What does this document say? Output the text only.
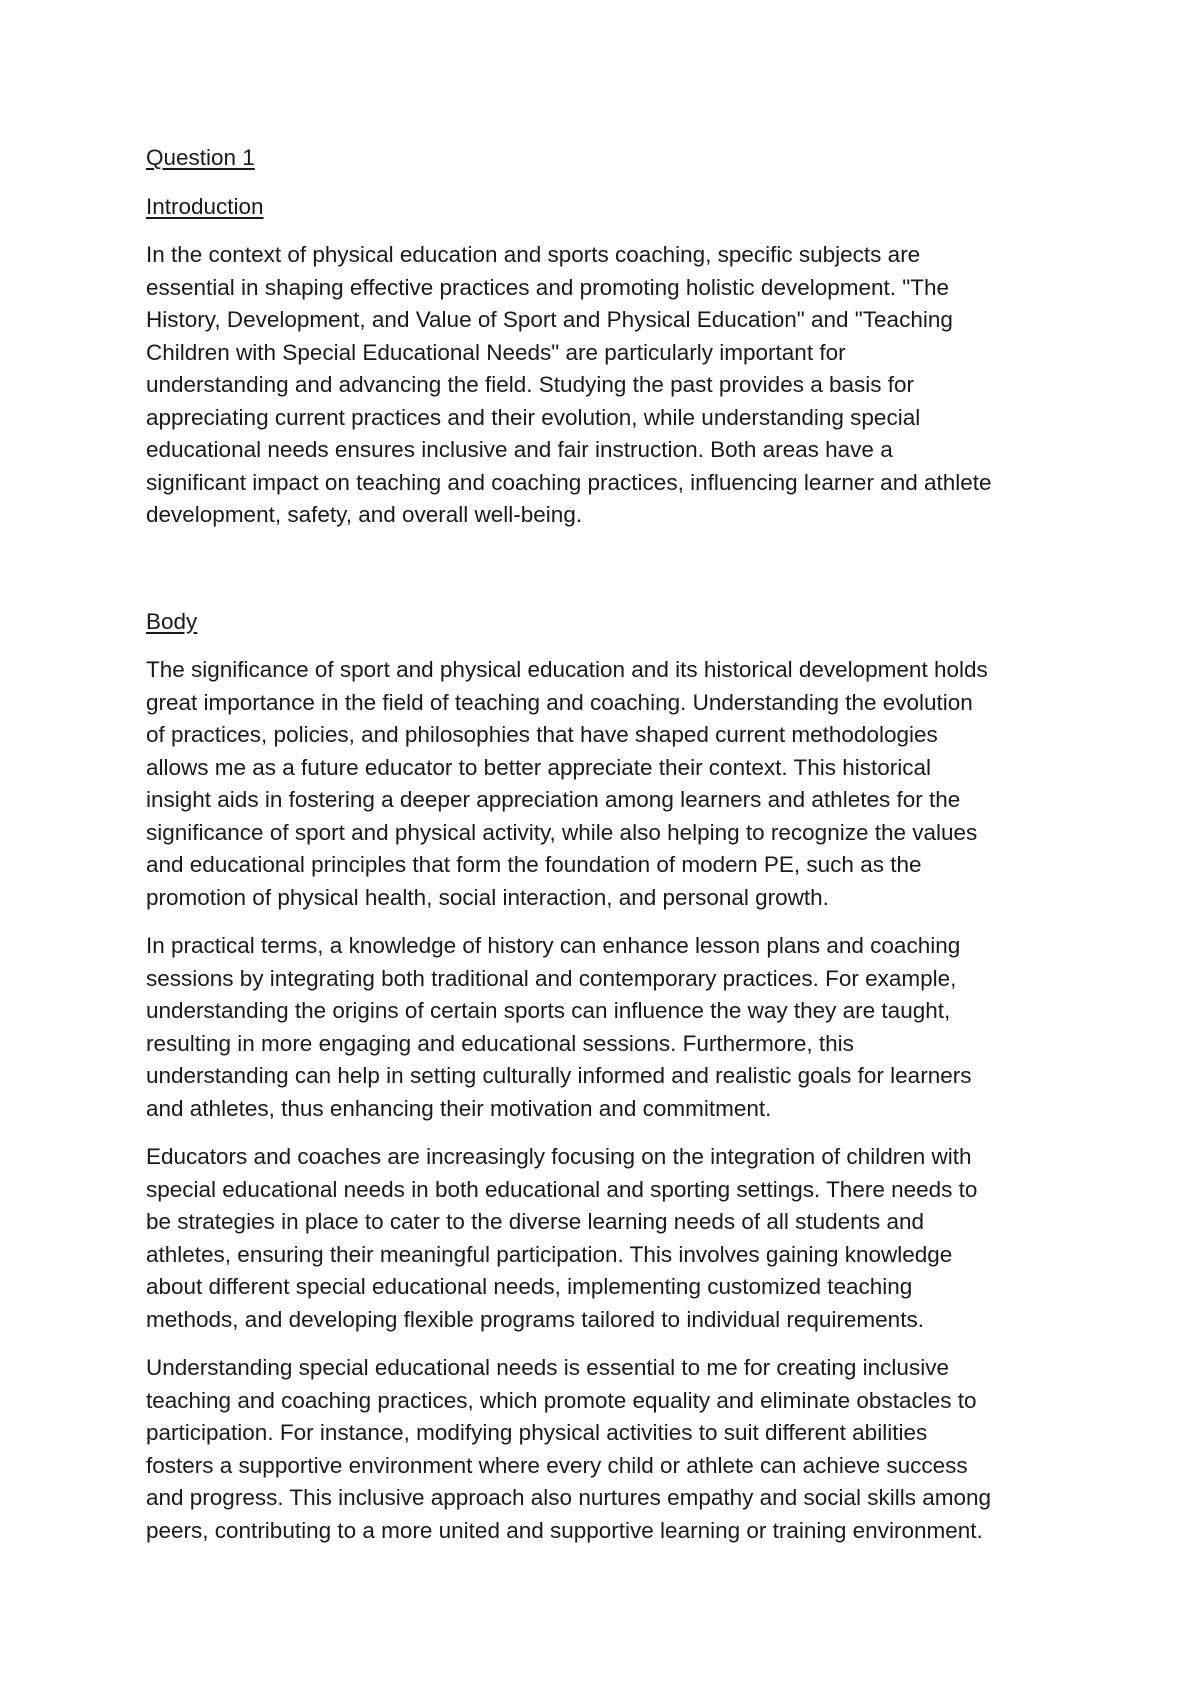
Question 1
Introduction
In the context of physical education and sports coaching, specific subjects are
essential in shaping effective practices and promoting holistic development. "The
History, Development, and Value of Sport and Physical Education" and "Teaching
Children with Special Educational Needs" are particularly important for
understanding and advancing the field. Studying the past provides a basis for
appreciating current practices and their evolution, while understanding special
educational needs ensures inclusive and fair instruction. Both areas have a
significant impact on teaching and coaching practices, influencing learner and athlete
development, safety, and overall well-being.
Body
The significance of sport and physical education and its historical development holds
great importance in the field of teaching and coaching. Understanding the evolution
of practices, policies, and philosophies that have shaped current methodologies
allows me as a future educator to better appreciate their context. This historical
insight aids in fostering a deeper appreciation among learners and athletes for the
significance of sport and physical activity, while also helping to recognize the values
and educational principles that form the foundation of modern PE, such as the
promotion of physical health, social interaction, and personal growth.
In practical terms, a knowledge of history can enhance lesson plans and coaching
sessions by integrating both traditional and contemporary practices. For example,
understanding the origins of certain sports can influence the way they are taught,
resulting in more engaging and educational sessions. Furthermore, this
understanding can help in setting culturally informed and realistic goals for learners
and athletes, thus enhancing their motivation and commitment.
Educators and coaches are increasingly focusing on the integration of children with
special educational needs in both educational and sporting settings. There needs to
be strategies in place to cater to the diverse learning needs of all students and
athletes, ensuring their meaningful participation. This involves gaining knowledge
about different special educational needs, implementing customized teaching
methods, and developing flexible programs tailored to individual requirements.
Understanding special educational needs is essential to me for creating inclusive
teaching and coaching practices, which promote equality and eliminate obstacles to
participation. For instance, modifying physical activities to suit different abilities
fosters a supportive environment where every child or athlete can achieve success
and progress. This inclusive approach also nurtures empathy and social skills among
peers, contributing to a more united and supportive learning or training environment.
